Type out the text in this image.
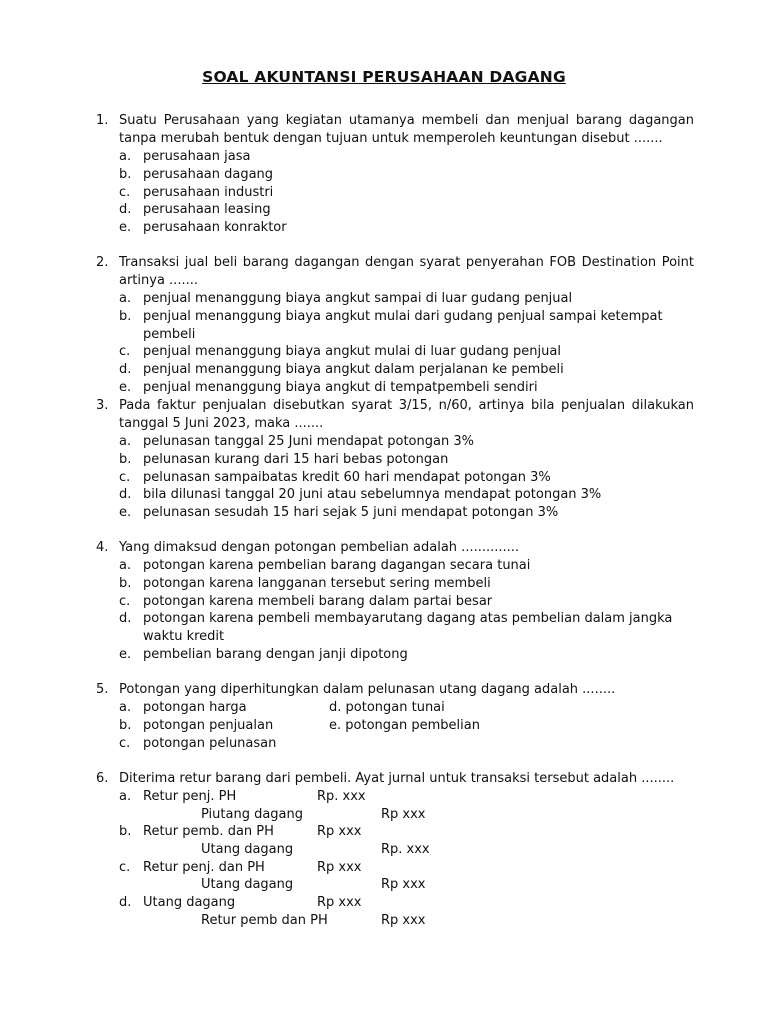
SOAL AKUNTANSI PERUSAHAAN DAGANG
1. Suatu Perusahaan yang kegiatan utamanya membeli dan menjual barang dagangan tanpa merubah bentuk dengan tujuan untuk memperoleh keuntungan disebut .......
a. perusahaan jasa
b. perusahaan dagang
c. perusahaan industri
d. perusahaan leasing
e. perusahaan konraktor
2. Transaksi jual beli barang dagangan dengan syarat penyerahan FOB Destination Point artinya .......
a. penjual menanggung biaya angkut sampai di luar gudang penjual
b. penjual menanggung biaya angkut mulai dari gudang penjual sampai ketempat pembeli
c. penjual menanggung biaya angkut mulai di luar gudang penjual
d. penjual menanggung biaya angkut dalam perjalanan ke pembeli
e. penjual menanggung biaya angkut di tempatpembeli sendiri
3. Pada faktur penjualan disebutkan syarat 3/15, n/60, artinya bila penjualan dilakukan tanggal 5 Juni 2023, maka .......
a. pelunasan tanggal 25 Juni mendapat potongan 3%
b. pelunasan kurang dari 15 hari bebas potongan
c. pelunasan sampaibatas kredit 60 hari mendapat potongan 3%
d. bila dilunasi tanggal 20 juni atau sebelumnya mendapat potongan 3%
e. pelunasan sesudah 15 hari sejak 5 juni mendapat potongan 3%
4. Yang dimaksud dengan potongan pembelian adalah ..............
a. potongan karena pembelian barang dagangan secara tunai
b. potongan karena langganan tersebut sering membeli
c. potongan karena membeli barang dalam partai besar
d. potongan karena pembeli membayarutang dagang atas pembelian dalam jangka waktu kredit
e. pembelian barang dengan janji dipotong
5. Potongan yang diperhitungkan dalam pelunasan utang dagang adalah ........
a. potongan harga	d. potongan tunai
b. potongan penjualan	e. potongan pembelian
c. potongan pelunasan
6. Diterima retur barang dari pembeli. Ayat jurnal untuk transaksi tersebut adalah ........
a. Retur penj. PH	Rp. xxx
Piutang dagang	Rp xxx
b. Retur pemb. dan PH	Rp xxx
Utang dagang	Rp. xxx
c. Retur penj. dan PH	Rp xxx
Utang dagang	Rp xxx
d. Utang dagang	Rp xxx
Retur pemb dan PH	Rp xxx
